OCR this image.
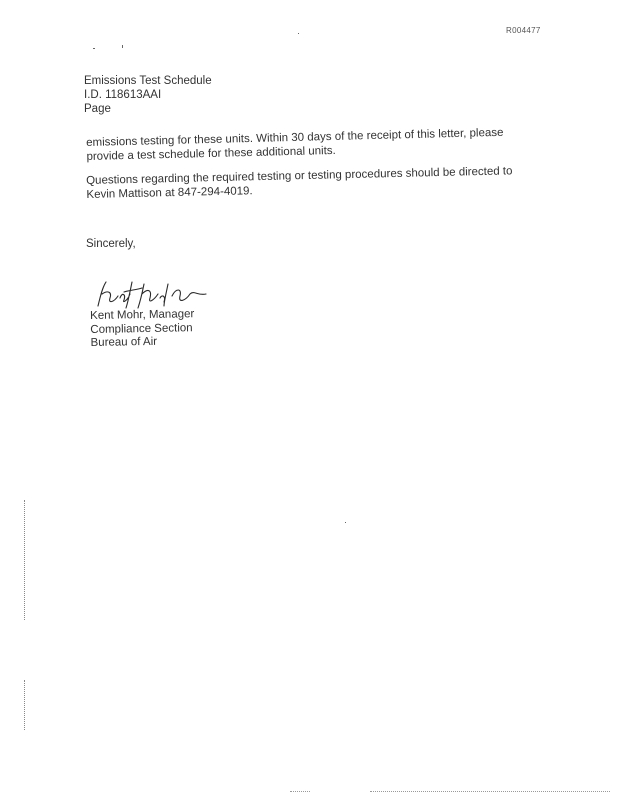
R004477
Emissions Test Schedule
I.D. 118613AAI
Page
emissions testing for these units. Within 30 days of the receipt of this letter, please
provide a test schedule for these additional units.
Questions regarding the required testing or testing procedures should be directed to
Kevin Mattison at 847-294-4019.
Sincerely,
Kent Mohr, Manager
Compliance Section
Bureau of Air
